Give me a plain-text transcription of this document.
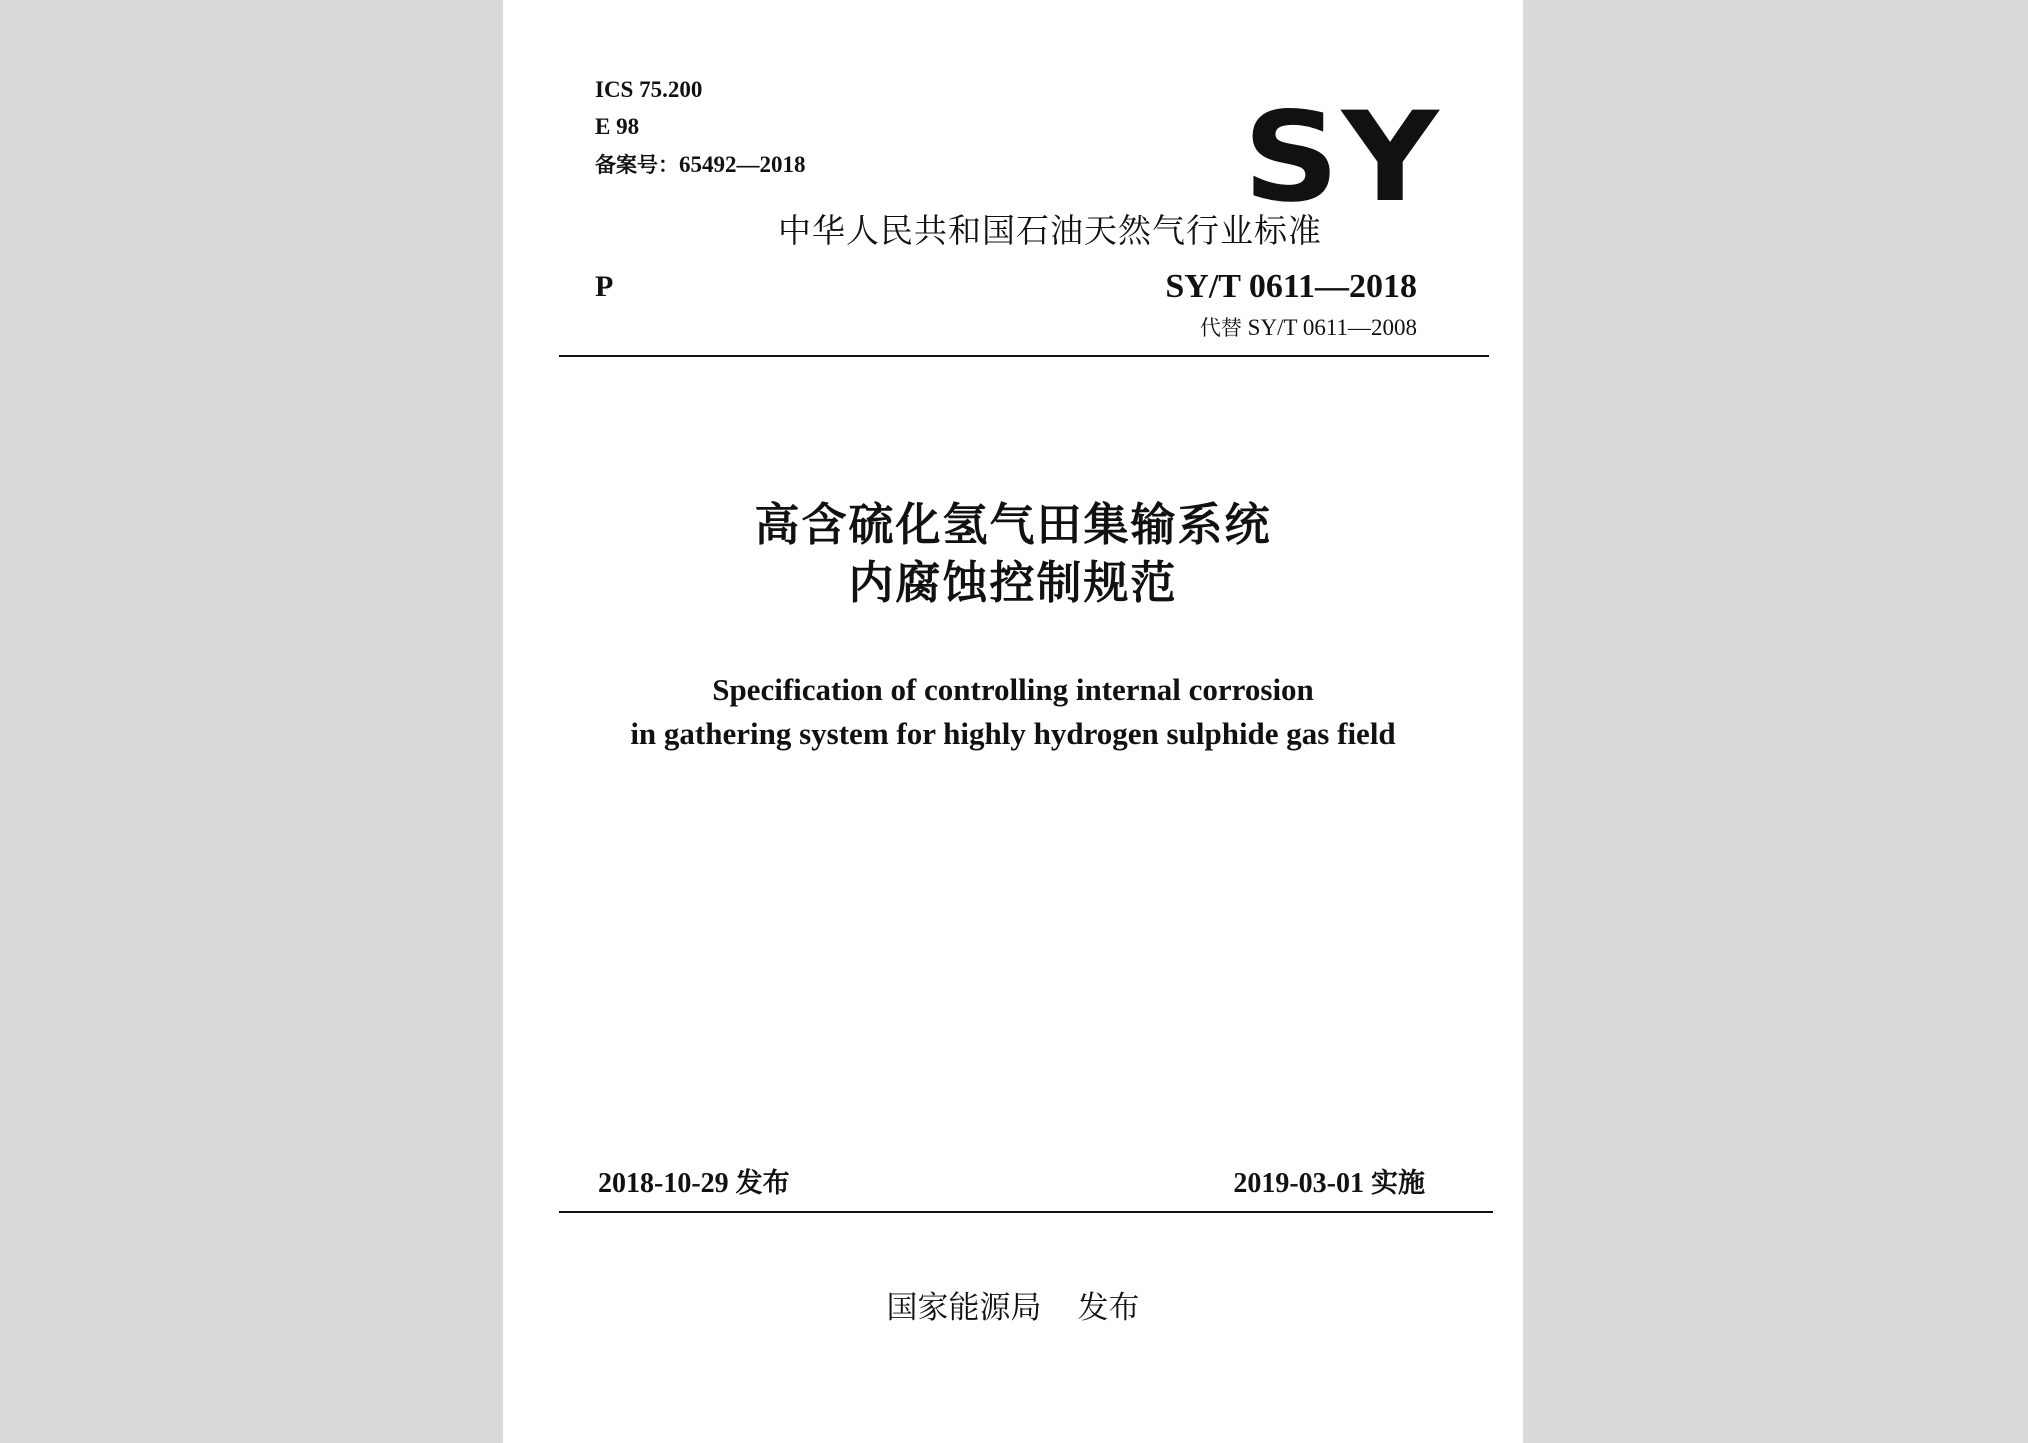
ICS 75.200
E 98
备案号：65492—2018	SY
中华人民共和国石油天然气行业标准
P	SY/T 0611—2018
代替 SY/T 0611—2008
高含硫化氢气田集输系统
内腐蚀控制规范
Specification of controlling internal corrosion
in gathering system for highly hydrogen sulphide gas field
2018-10-29 发布	2019-03-01 实施
国家能源局 发布
